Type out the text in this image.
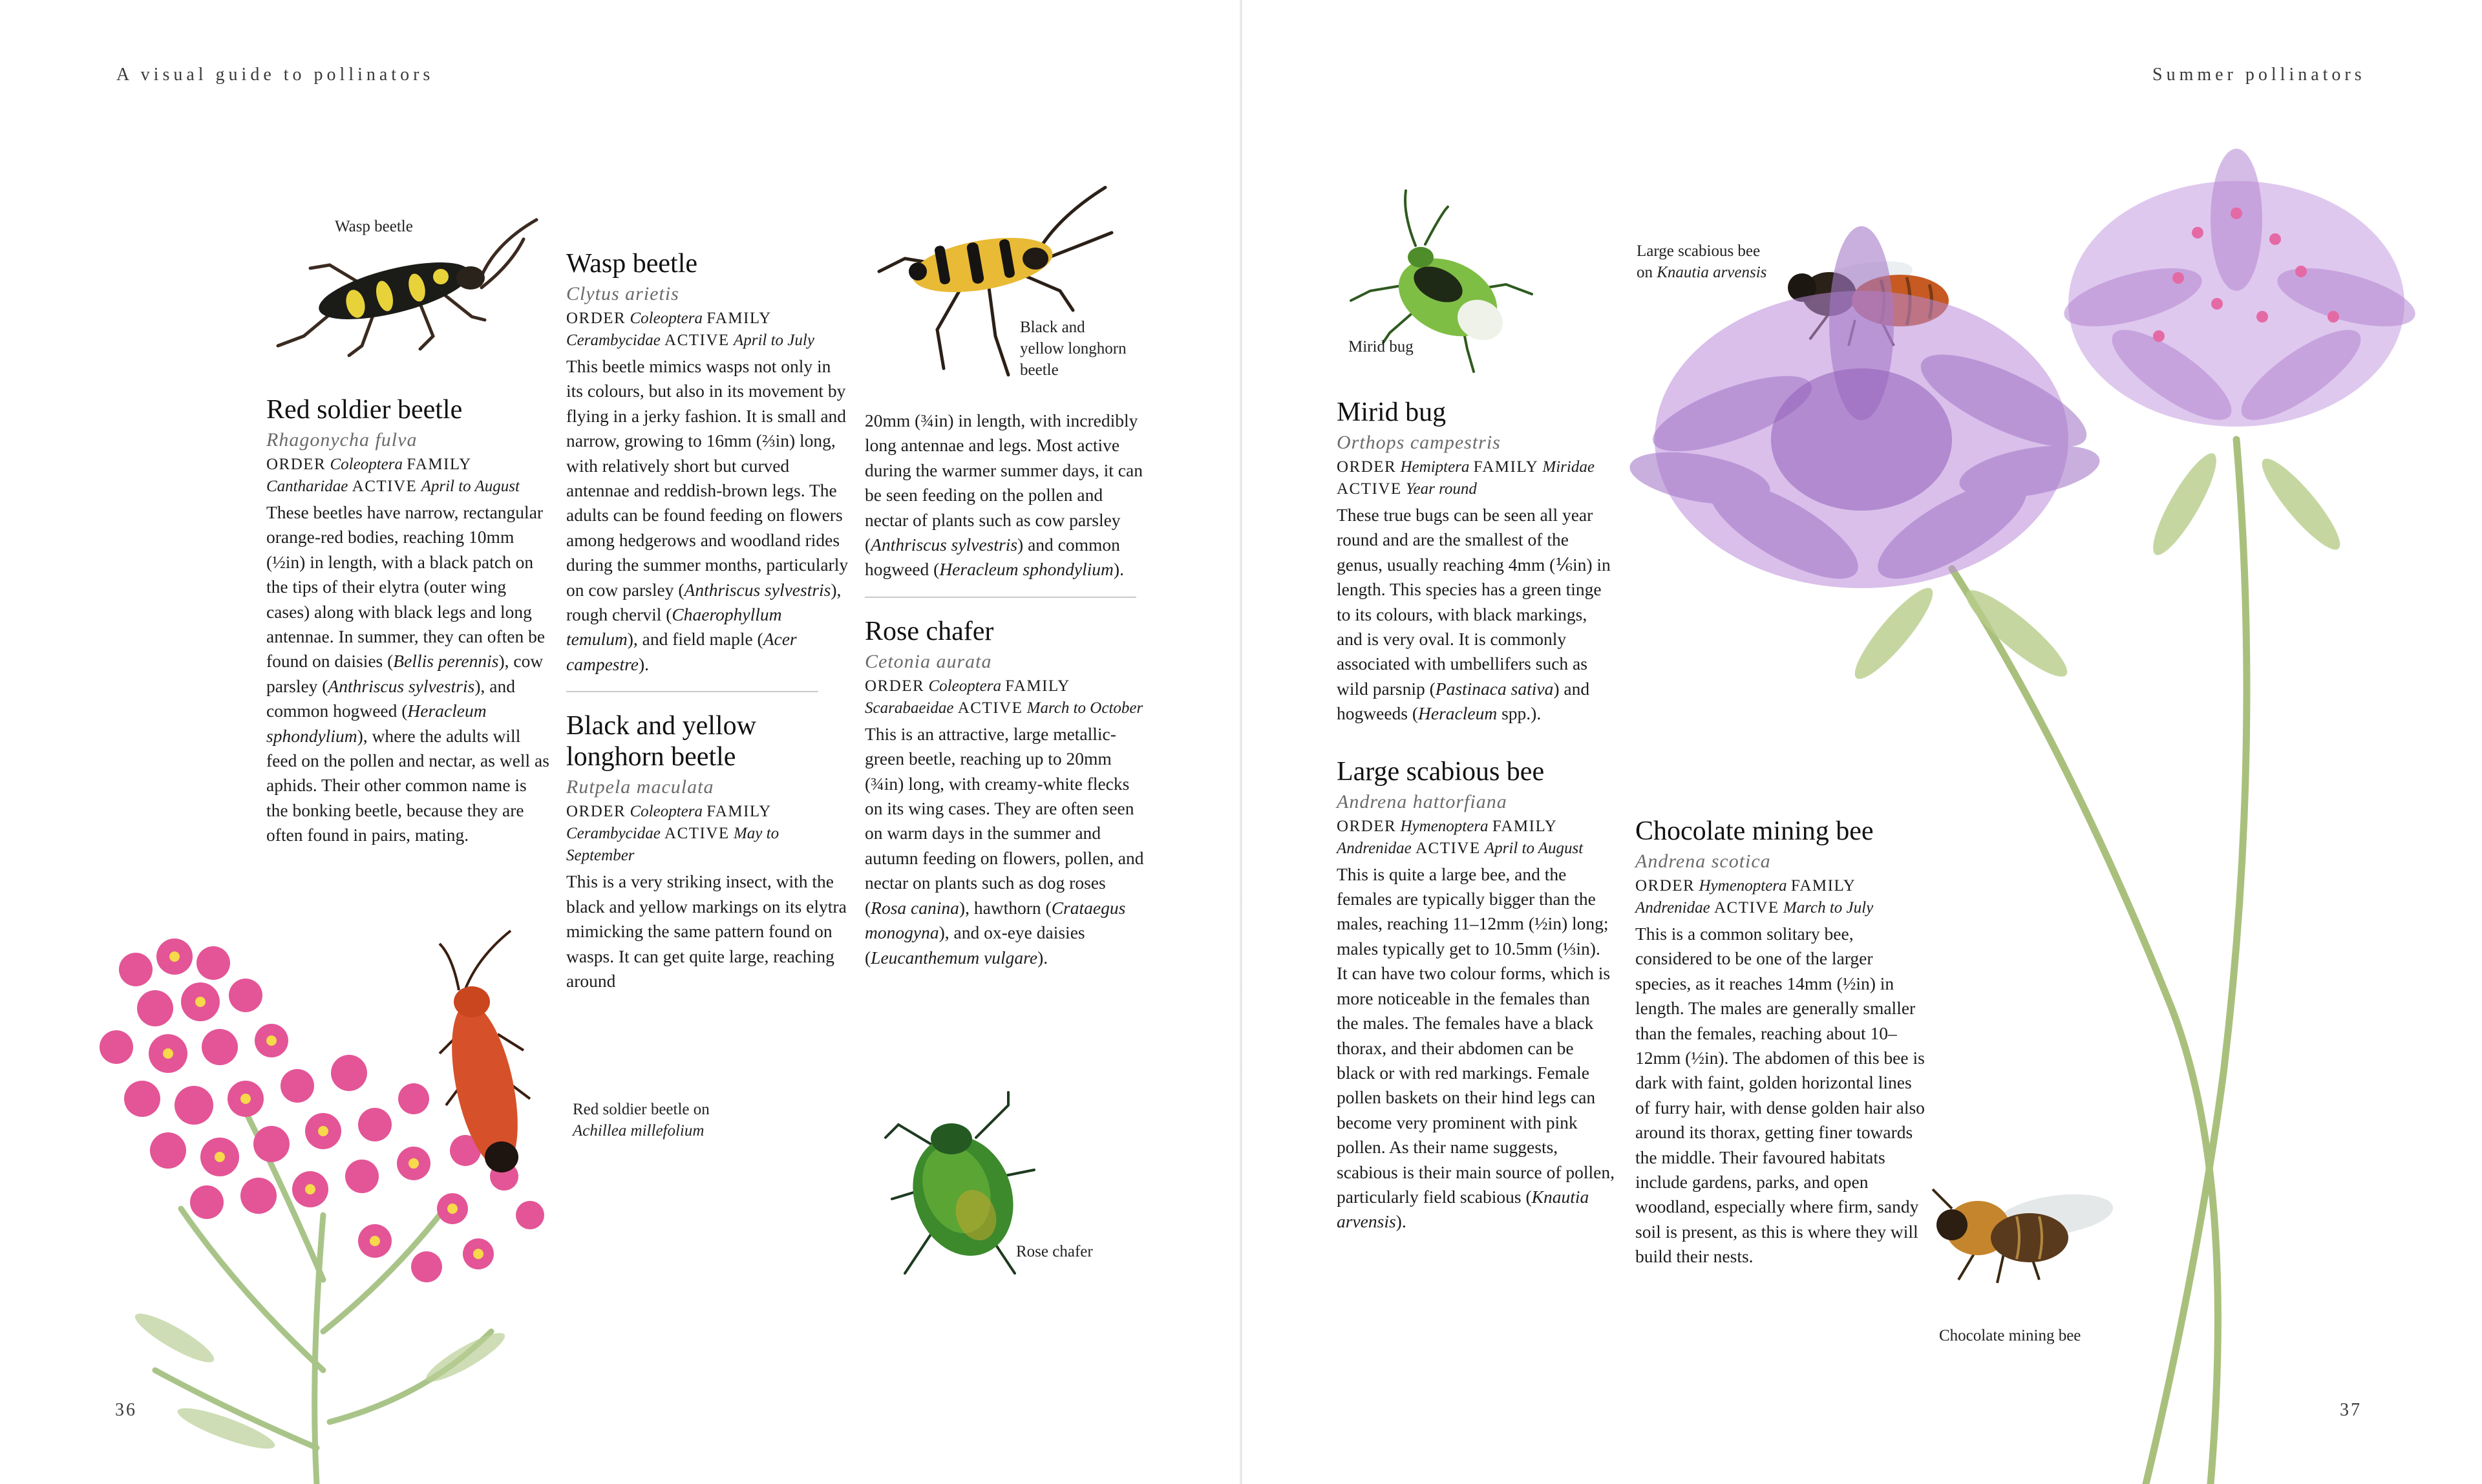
A visual guide to pollinators	Summer pollinators
36	37
Wasp beetle
Black and
yellow longhorn
beetle
Mirid bug
Large scabious bee
on Knautia arvensis
Red soldier beetle on
Achillea millefolium
Rose chafer
Chocolate mining bee
Red soldier beetle
Rhagonycha fulva
ORDER Coleoptera FAMILY Cantharidae ACTIVE April to August

These beetles have narrow, rectangular orange-red bodies, reaching 10mm (½in) in length, with a black patch on the tips of their elytra (outer wing cases) along with black legs and long antennae. In summer, they can often be found on daisies (Bellis perennis), cow parsley (Anthriscus sylvestris), and common hogweed (Heracleum sphondylium), where the adults will feed on the pollen and nectar, as well as aphids. Their other common name is the bonking beetle, because they are often found in pairs, mating.

Wasp beetle
Clytus arietis
ORDER Coleoptera FAMILY Cerambycidae ACTIVE April to July

This beetle mimics wasps not only in its colours, but also in its movement by flying in a jerky fashion. It is small and narrow, growing to 16mm (⅔in) long, with relatively short but curved antennae and reddish-brown legs. The adults can be found feeding on flowers among hedgerows and woodland rides during the summer months, particularly on cow parsley (Anthriscus sylvestris), rough chervil (Chaerophyllum temulum), and field maple (Acer campestre).

Black and yellow
longhorn beetle
Rutpela maculata
ORDER Coleoptera FAMILY Cerambycidae ACTIVE May to September

This is a very striking insect, with the black and yellow markings on its elytra mimicking the same pattern found on wasps. It can get quite large, reaching around

20mm (¾in) in length, with incredibly long antennae and legs. Most active during the warmer summer days, it can be seen feeding on the pollen and nectar of plants such as cow parsley (Anthriscus sylvestris) and common hogweed (Heracleum sphondylium).

Rose chafer
Cetonia aurata
ORDER Coleoptera FAMILY Scarabaeidae ACTIVE March to October

This is an attractive, large metallic-green beetle, reaching up to 20mm (¾in) long, with creamy-white flecks on its wing cases. They are often seen on warm days in the summer and autumn feeding on flowers, pollen, and nectar on plants such as dog roses (Rosa canina), hawthorn (Crataegus monogyna), and ox-eye daisies (Leucanthemum vulgare).

Mirid bug
Orthops campestris
ORDER Hemiptera FAMILY Miridae ACTIVE Year round

These true bugs can be seen all year round and are the smallest of the genus, usually reaching 4mm (⅙in) in length. This species has a green tinge to its colours, with black markings, and is very oval. It is commonly associated with umbellifers such as wild parsnip (Pastinaca sativa) and hogweeds (Heracleum spp.).

Large scabious bee
Andrena hattorfiana
ORDER Hymenoptera FAMILY Andrenidae ACTIVE April to August

This is quite a large bee, and the females are typically bigger than the males, reaching 11–12mm (½in) long; males typically get to 10.5mm (⅓in). It can have two colour forms, which is more noticeable in the females than the males. The females have a black thorax, and their abdomen can be black or with red markings. Female pollen baskets on their hind legs can become very prominent with pink pollen. As their name suggests, scabious is their main source of pollen, particularly field scabious (Knautia arvensis).

Chocolate mining bee
Andrena scotica
ORDER Hymenoptera FAMILY Andrenidae ACTIVE March to July

This is a common solitary bee, considered to be one of the larger species, as it reaches 14mm (½in) in length. The males are generally smaller than the females, reaching about 10–12mm (½in). The abdomen of this bee is dark with faint, golden horizontal lines of furry hair, with dense golden hair also around its thorax, getting finer towards the middle. Their favoured habitats include gardens, parks, and open woodland, especially where firm, sandy soil is present, as this is where they will build their nests.
